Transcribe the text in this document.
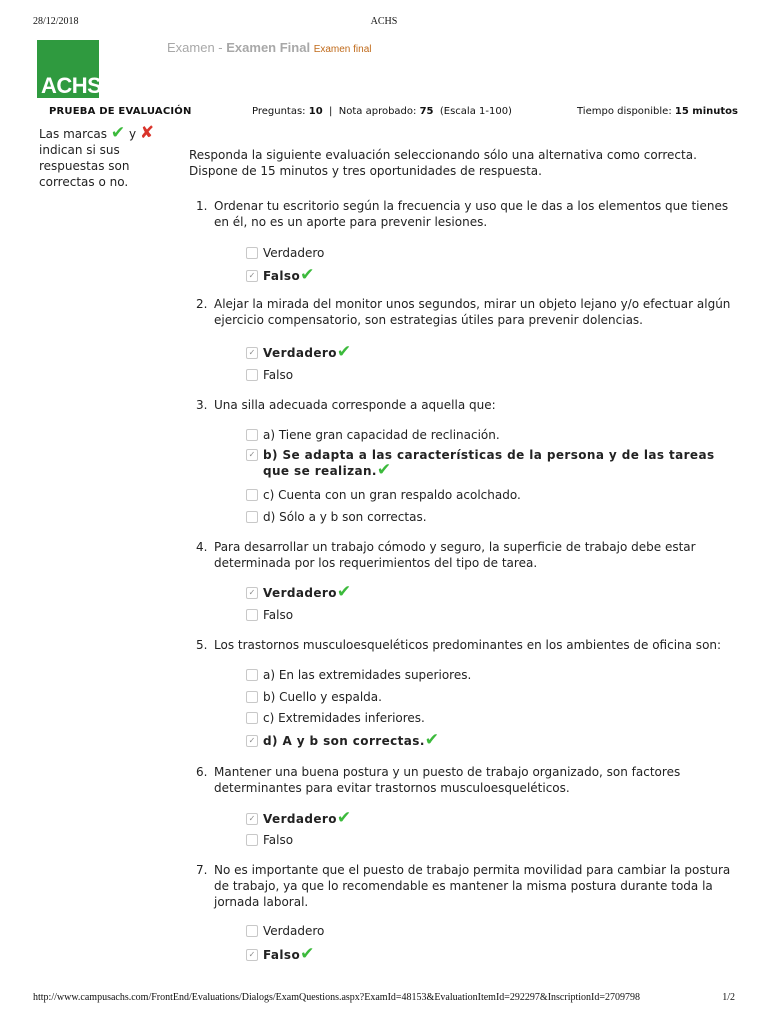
28/12/2018	ACHS
ACHS
Examen - Examen Final Examen final
PRUEBA DE EVALUACIÓN	Preguntas: 10  |  Nota aprobado: 75 (Escala 1-100)	Tiempo disponible: 15 minutos
Las marcas ✔ y ✘ indican si sus respuestas son correctas o no.
Responda la siguiente evaluación seleccionando sólo una alternativa como correcta.
Dispone de 15 minutos y tres oportunidades de respuesta.
1. Ordenar tu escritorio según la frecuencia y uso que le das a los elementos que tienes en él, no es un aporte para prevenir lesiones.
Verdadero
✓ Falso✔
2. Alejar la mirada del monitor unos segundos, mirar un objeto lejano y/o efectuar algún ejercicio compensatorio, son estrategias útiles para prevenir dolencias.
✓ Verdadero✔
Falso
3. Una silla adecuada corresponde a aquella que:
a) Tiene gran capacidad de reclinación.
✓ b) Se adapta a las características de la persona y de las tareas que se realizan.✔
c) Cuenta con un gran respaldo acolchado.
d) Sólo a y b son correctas.
4. Para desarrollar un trabajo cómodo y seguro, la superficie de trabajo debe estar determinada por los requerimientos del tipo de tarea.
✓ Verdadero✔
Falso
5. Los trastornos musculoesqueléticos predominantes en los ambientes de oficina son:
a) En las extremidades superiores.
b) Cuello y espalda.
c) Extremidades inferiores.
✓ d) A y b son correctas.✔
6. Mantener una buena postura y un puesto de trabajo organizado, son factores determinantes para evitar trastornos musculoesqueléticos.
✓ Verdadero✔
Falso
7. No es importante que el puesto de trabajo permita movilidad para cambiar la postura de trabajo, ya que lo recomendable es mantener la misma postura durante toda la jornada laboral.
Verdadero
✓ Falso✔
http://www.campusachs.com/FrontEnd/Evaluations/Dialogs/ExamQuestions.aspx?ExamId=48153&EvaluationItemId=292297&InscriptionId=2709798	1/2
